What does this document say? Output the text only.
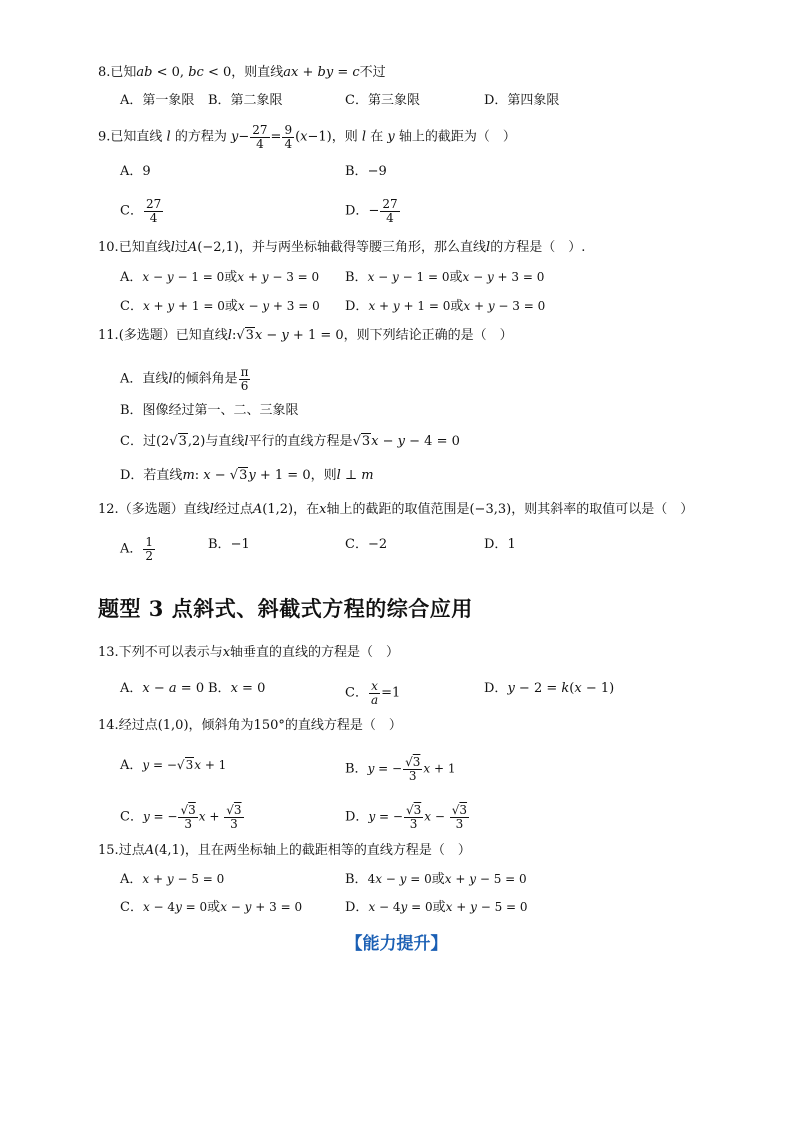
8.已知ab < 0, bc < 0，则直线ax + by = c不过
A．第一象限 B．第二象限	C．第三象限	D．第四象限
9.已知直线 l 的方程为 $y- \frac{27}{4} = \frac{9}{4} (x-1)$，则 l 在 y 轴上的截距为（　）
A．9	B．−9
C． $\frac{27}{4}$	D．− $\frac{27}{4}$
10.已知直线l过A(−2,1)，并与两坐标轴截得等腰三角形，那么直线l的方程是（　）.
A．x − y − 1 = 0或x + y − 3 = 0 B．x − y − 1 = 0或x − y + 3 = 0
C．x + y + 1 = 0或x − y + 3 = 0 D．x + y + 1 = 0或x + y − 3 = 0
11.(多选题）已知直线l:√3x − y + 1 = 0，则下列结论正确的是（　）
A．直线l的倾斜角是 $\frac{\pi}{6}$
B．图像经过第一、二、三象限
C．过(2√3,2)与直线l平行的直线方程是√3x − y − 4 = 0
D．若直线m: x − √3y + 1 = 0，则l ⊥ m
12.（多选题）直线l经过点A(1,2)，在x轴上的截距的取值范围是(−3,3)，则其斜率的取值可以是（　）
A． $\frac{1}{2}$	B．−1	C．−2	D．1
题型 3 点斜式、斜截式方程的综合应用
13.下列不可以表示与x轴垂直的直线的方程是（　）
A．x − a = 0 B．x = 0	C． $\frac{x}{a} =1$	D．y − 2 = k(x − 1)
14.经过点(1,0)，倾斜角为150°的直线方程是（　）
A．y = −√3x + 1	B．y = − $\frac{√3}{3}$ x + 1
C．y = − $\frac{√3}{3}$ $x + \frac{√3}{3}$	D．y = − $\frac{√3}{3}$ $x - \frac{√3}{3}$
15.过点A(4,1)，且在两坐标轴上的截距相等的直线方程是（　）
A．x + y − 5 = 0	B．4x − y = 0或x + y − 5 = 0
C．x − 4y = 0或x − y + 3 = 0	D．x − 4y = 0或x + y − 5 = 0
【能力提升】
